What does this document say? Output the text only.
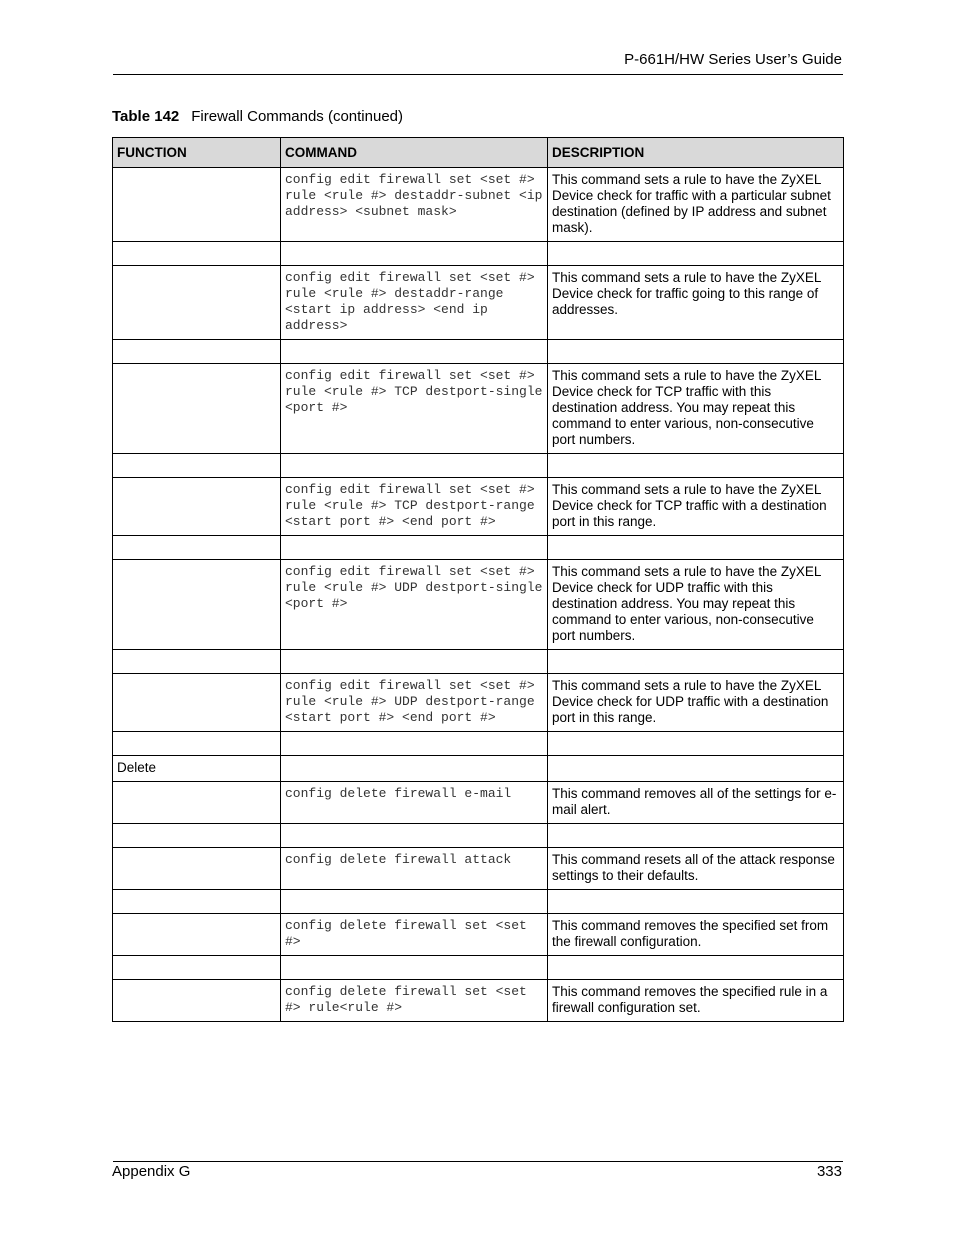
P-661H/HW Series User’s Guide
Table 142 Firewall Commands (continued)
FUNCTION	COMMAND	DESCRIPTION
	config edit firewall set <set #> rule <rule #> destaddr-subnet <ip address> <subnet mask>	This command sets a rule to have the ZyXEL Device check for traffic with a particular subnet destination (defined by IP address and subnet mask).

	config edit firewall set <set #> rule <rule #> destaddr-range <start ip address> <end ip address>	This command sets a rule to have the ZyXEL Device check for traffic going to this range of addresses.

	config edit firewall set <set #> rule <rule #> TCP destport-single <port #>	This command sets a rule to have the ZyXEL Device check for TCP traffic with this destination address. You may repeat this command to enter various, non-consecutive port numbers.

	config edit firewall set <set #> rule <rule #> TCP destport-range <start port #> <end port #>	This command sets a rule to have the ZyXEL Device check for TCP traffic with a destination port in this range.

	config edit firewall set <set #> rule <rule #> UDP destport-single <port #>	This command sets a rule to have the ZyXEL Device check for UDP traffic with this destination address. You may repeat this command to enter various, non-consecutive port numbers.

	config edit firewall set <set #> rule <rule #> UDP destport-range <start port #> <end port #>	This command sets a rule to have the ZyXEL Device check for UDP traffic with a destination port in this range.

Delete		
	config delete firewall e-mail	This command removes all of the settings for e-mail alert.

	config delete firewall attack	This command resets all of the attack response settings to their defaults.

	config delete firewall set <set #>	This command removes the specified set from the firewall configuration.

	config delete firewall set <set #> rule<rule #>	This command removes the specified rule in a firewall configuration set.
Appendix G	333
